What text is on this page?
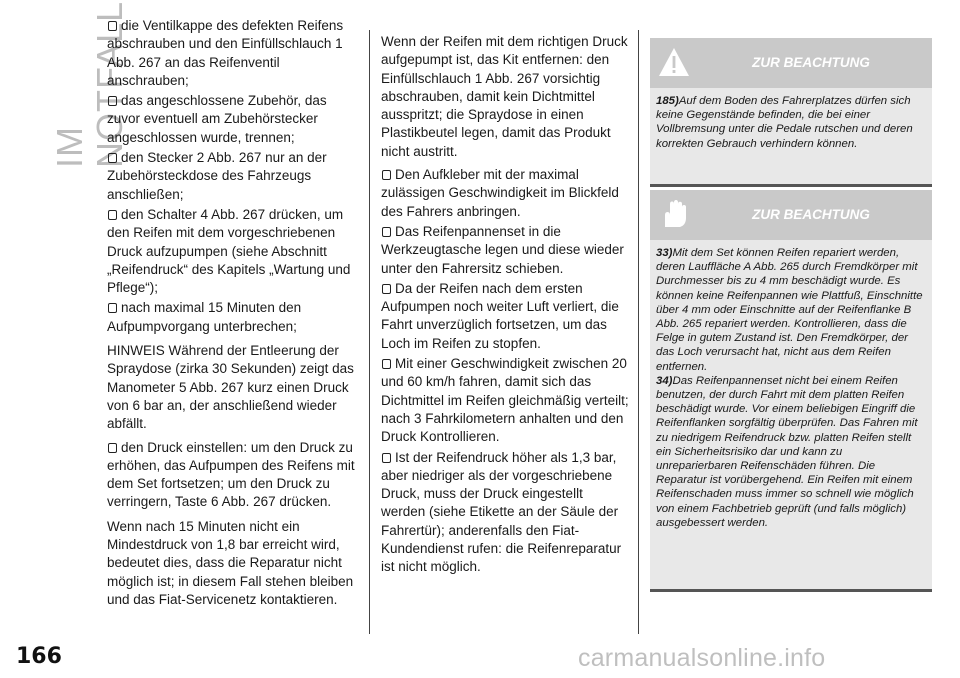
IM NOTFALL
166
die Ventilkappe des defekten Reifens abschrauben und den Einfüllschlauch 1 Abb. 267 an das Reifenventil anschrauben;
das angeschlossene Zubehör, das zuvor eventuell am Zubehörstecker angeschlossen wurde, trennen;
den Stecker 2 Abb. 267 nur an der Zubehörsteckdose des Fahrzeugs anschließen;
den Schalter 4 Abb. 267 drücken, um den Reifen mit dem vorgeschriebenen Druck aufzupumpen (siehe Abschnitt „Reifendruck“ des Kapitels „Wartung und Pflege“);
nach maximal 15 Minuten den Aufpumpvorgang unterbrechen;
HINWEIS Während der Entleerung der Spraydose (zirka 30 Sekunden) zeigt das Manometer 5 Abb. 267 kurz einen Druck von 6 bar an, der anschließend wieder abfällt.
den Druck einstellen: um den Druck zu erhöhen, das Aufpumpen des Reifens mit dem Set fortsetzen; um den Druck zu verringern, Taste 6 Abb. 267 drücken.
Wenn nach 15 Minuten nicht ein Mindestdruck von 1,8 bar erreicht wird, bedeutet dies, dass die Reparatur nicht möglich ist; in diesem Fall stehen bleiben und das Fiat-Servicenetz kontaktieren.
Wenn der Reifen mit dem richtigen Druck aufgepumpt ist, das Kit entfernen: den Einfüllschlauch 1 Abb. 267 vorsichtig abschrauben, damit kein Dichtmittel ausspritzt; die Spraydose in einen Plastikbeutel legen, damit das Produkt nicht austritt.
Den Aufkleber mit der maximal zulässigen Geschwindigkeit im Blickfeld des Fahrers anbringen.
Das Reifenpannenset in die Werkzeugtasche legen und diese wieder unter den Fahrersitz schieben.
Da der Reifen nach dem ersten Aufpumpen noch weiter Luft verliert, die Fahrt unverzüglich fortsetzen, um das Loch im Reifen zu stopfen.
Mit einer Geschwindigkeit zwischen 20 und 60 km/h fahren, damit sich das Dichtmittel im Reifen gleichmäßig verteilt; nach 3 Fahrkilometern anhalten und den Druck Kontrollieren.
Ist der Reifendruck höher als 1,3 bar, aber niedriger als der vorgeschriebene Druck, muss der Druck eingestellt werden (siehe Etikette an der Säule der Fahrertür); anderenfalls den Fiat-Kundendienst rufen: die Reifenreparatur ist nicht möglich.
ZUR BEACHTUNG
185)Auf dem Boden des Fahrerplatzes dürfen sich keine Gegenstände befinden, die bei einer Vollbremsung unter die Pedale rutschen und deren korrekten Gebrauch verhindern können.
ZUR BEACHTUNG
33)Mit dem Set können Reifen repariert werden, deren Lauffläche A Abb. 265 durch Fremdkörper mit Durchmesser bis zu 4 mm beschädigt wurde. Es können keine Reifenpannen wie Plattfuß, Einschnitte über 4 mm oder Einschnitte auf der Reifenflanke B Abb. 265 repariert werden. Kontrollieren, dass die Felge in gutem Zustand ist. Den Fremdkörper, der das Loch verursacht hat, nicht aus dem Reifen entfernen.
34)Das Reifenpannenset nicht bei einem Reifen benutzen, der durch Fahrt mit dem platten Reifen beschädigt wurde. Vor einem beliebigen Eingriff die Reifenflanken sorgfältig überprüfen. Das Fahren mit zu niedrigem Reifendruck bzw. platten Reifen stellt ein Sicherheitsrisiko dar und kann zu unreparierbaren Reifenschäden führen. Die Reparatur ist vorübergehend. Ein Reifen mit einem Reifenschaden muss immer so schnell wie möglich von einem Fachbetrieb geprüft (und falls möglich) ausgebessert werden.
carmanualsonline.info
